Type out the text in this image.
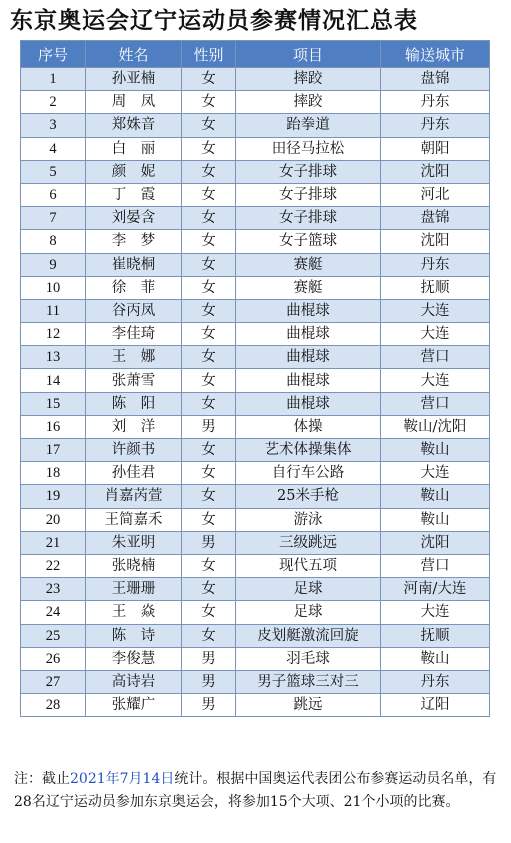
东京奥运会辽宁运动员参赛情况汇总表
序号	姓名	性别	项目	输送城市
1	孙亚楠	女	摔跤	盘锦
2	周　凤	女	摔跤	丹东
3	郑姝音	女	跆拳道	丹东
4	白　丽	女	田径马拉松	朝阳
5	颜　妮	女	女子排球	沈阳
6	丁　霞	女	女子排球	河北
7	刘晏含	女	女子排球	盘锦
8	李　梦	女	女子篮球	沈阳
9	崔晓桐	女	赛艇	丹东
10	徐　菲	女	赛艇	抚顺
11	谷丙凤	女	曲棍球	大连
12	李佳琦	女	曲棍球	大连
13	王　娜	女	曲棍球	营口
14	张萧雪	女	曲棍球	大连
15	陈　阳	女	曲棍球	营口
16	刘　洋	男	体操	鞍山/沈阳
17	许颜书	女	艺术体操集体	鞍山
18	孙佳君	女	自行车公路	大连
19	肖嘉芮萱	女	25米手枪	鞍山
20	王简嘉禾	女	游泳	鞍山
21	朱亚明	男	三级跳远	沈阳
22	张晓楠	女	现代五项	营口
23	王珊珊	女	足球	河南/大连
24	王　焱	女	足球	大连
25	陈　诗	女	皮划艇激流回旋	抚顺
26	李俊慧	男	羽毛球	鞍山
27	高诗岩	男	男子篮球三对三	丹东
28	张耀广	男	跳远	辽阳
注：截止2021年7月14日统计。根据中国奥运代表团公布参赛运动员名单，有28名辽宁运动员参加东京奥运会，将参加15个大项、21个小项的比赛。
